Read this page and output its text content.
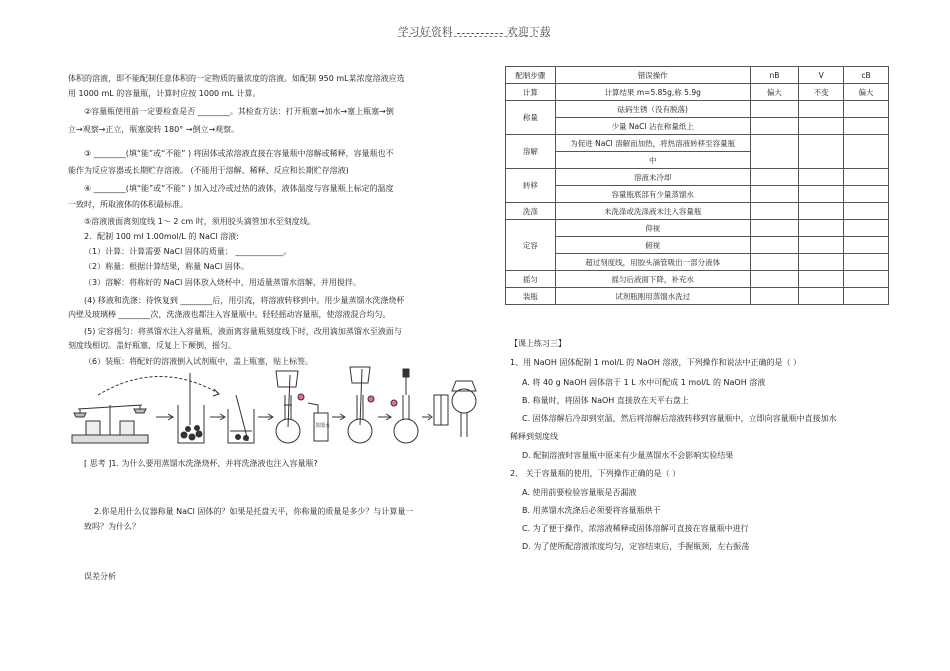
学习好资料	欢迎下载
体积的溶液，即不能配制任意体积的一定物质的量浓度的溶液。如配制 950 mL某浓度溶液应选
用 1000 mL 的容量瓶，计算时应按 1000 mL 计算。
②容量瓶使用前一定要检查是否 ________。其检查方法：打开瓶塞→加水→塞上瓶塞→倒
立→观察→正立，瓶塞旋转 180° →倒立→观察。
③ ________(填“能”或“不能” ) 将固体或浓溶液直接在容量瓶中溶解或稀释，容量瓶也不
能作为反应容器或长期贮存溶液。 (不能用于溶解、稀释、反应和长期贮存溶液)
④ ________(填“能”或“不能” ) 加入过冷或过热的液体，液体温度与容量瓶上标定的温度
一致时，所取液体的体积最标准。
⑤溶液液面离刻度线 1～ 2 cm 时，须用胶头滴管加水至刻度线。
2．配制 100 ml 1.00mol/L 的 NaCl 溶液:
（1）计算：计算需要 NaCl 固体的质量： ____________。
（2）称量：根据计算结果，称量 NaCl 固体。
（3）溶解：将称好的 NaCl 固体放入烧杯中，用适量蒸馏水溶解，并用搅拌。
(4) 移液和洗涤：待恢复到 ________后，用引流，将溶液转移到中。用少量蒸馏水洗涤烧杯
内壁及玻璃棒 ________次，洗涤液也都注入容量瓶中。轻轻摇动容量瓶，使溶液混合均匀。
(5) 定容摇匀：将蒸馏水注入容量瓶，液面离容量瓶刻度线下时，改用滴加蒸馏水至液面与
刻度线相切。盖好瓶塞，反复上下颠倒，摇匀。
（6）装瓶：将配好的溶液倒入试剂瓶中，盖上瓶塞，贴上标签。
蒸馏水
[ 思考 ]1. 为什么要用蒸馏水洗涤烧杯，并将洗涤液也注入容量瓶?
2.你是用什么仪器称量 NaCl 固体的？如果是托盘天平，你称量的质量是多少？与计算量一
致吗？为什么？
误差分析
配制步骤	错误操作	nB	V	cB
计算	计算结果 m=5.85g,称 5.9g	偏大	不变	偏大
称量	砝码生锈（没有脱落)			
	少量 NaCl 沾在称量纸上			
溶解	为促进 NaCl 溶解而加热，将热溶液转移至容量瓶			
	中			
转移	溶液未冷却			
	容量瓶底部有少量蒸馏水			
洗涤	未洗涤或洗涤液未注入容量瓶			
定容	仰视			
	俯视			
	超过刻度线，用胶头滴管吸出一部分液体			
摇匀	摇匀后液面下降，补充水			
装瓶	试剂瓶刚用蒸馏水洗过			
【课上练习三】
1、用 NaOH 固体配制 1 mol/L 的 NaOH 溶液，下列操作和说法中正确的是（ ）
A. 将 40 g NaOH 固体溶于 1 L 水中可配成 1 mol/L 的 NaOH 溶液
B. 称量时，将固体 NaOH 直接放在天平右盘上
C. 固体溶解后冷却到室温，然后将溶解后溶液转移到容量瓶中，立即向容量瓶中直接加水
稀释到刻度线
D. 配制溶液时容量瓶中原来有少量蒸馏水不会影响实验结果
2、 关于容量瓶的使用，下列操作正确的是（ ）
A. 使用前要检验容量瓶是否漏液
B. 用蒸馏水洗涤后必须要将容量瓶烘干
C. 为了便于操作，浓溶液稀释或固体溶解可直接在容量瓶中进行
D. 为了使所配溶液浓度均匀，定容结束后，手握瓶颈，左右振荡
